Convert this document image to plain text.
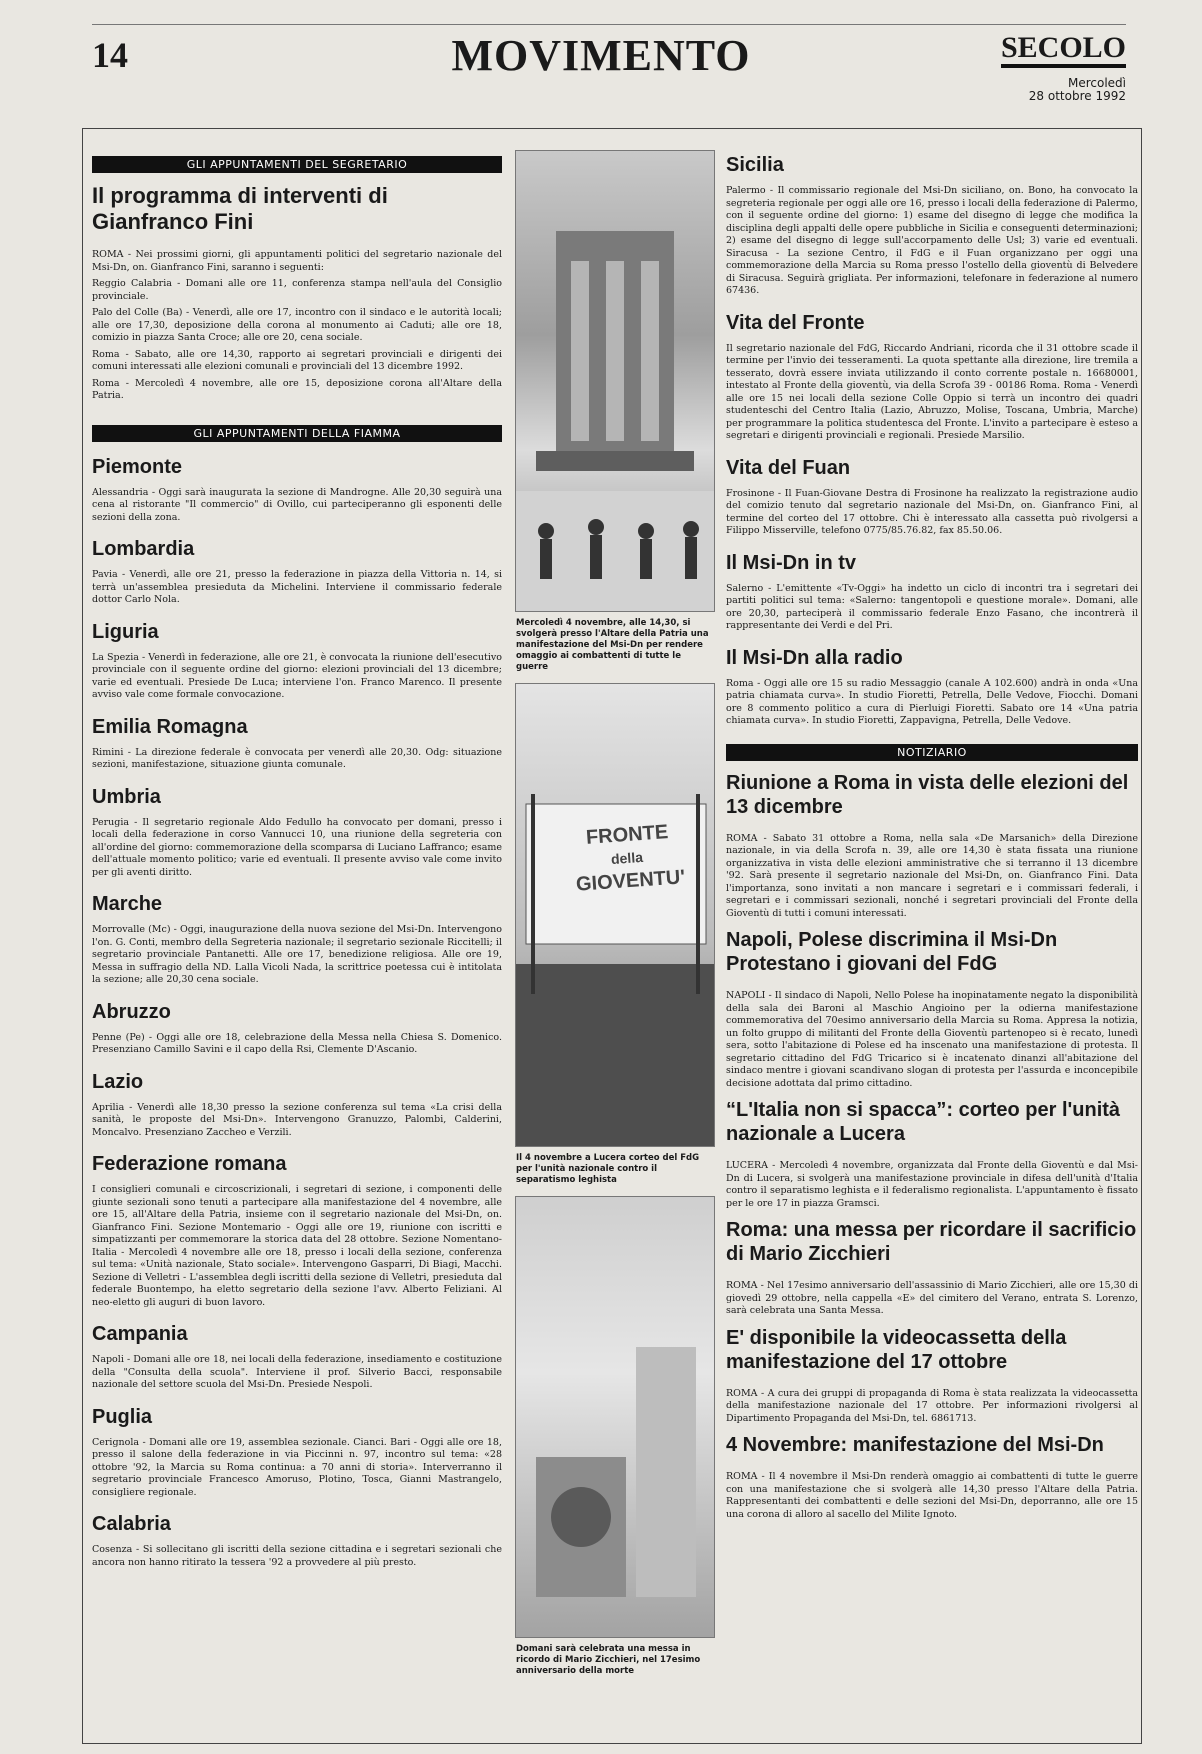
14	MOVIMENTO	SECOLO
Mercoledì
28 ottobre 1992
GLI APPUNTAMENTI DEL SEGRETARIO
Il programma di interventi di Gianfranco Fini

ROMA - Nei prossimi giorni, gli appuntamenti politici del segretario nazionale del Msi-Dn, on. Gianfranco Fini, saranno i seguenti:

Reggio Calabria - Domani alle ore 11, conferenza stampa nell'aula del Consiglio provinciale.

Palo del Colle (Ba) - Venerdì, alle ore 17, incontro con il sindaco e le autorità locali; alle ore 17,30, deposizione della corona al monumento ai Caduti; alle ore 18, comizio in piazza Santa Croce; alle ore 20, cena sociale.

Roma - Sabato, alle ore 14,30, rapporto ai segretari provinciali e dirigenti dei comuni interessati alle elezioni comunali e provinciali del 13 dicembre 1992.

Roma - Mercoledì 4 novembre, alle ore 15, deposizione corona all'Altare della Patria.

GLI APPUNTAMENTI DELLA FIAMMA
Piemonte

Alessandria - Oggi sarà inaugurata la sezione di Mandrogne. Alle 20,30 seguirà una cena al ristorante "Il commercio" di Ovillo, cui parteciperanno gli esponenti delle sezioni della zona.

Lombardia

Pavia - Venerdì, alle ore 21, presso la federazione in piazza della Vittoria n. 14, si terrà un'assemblea presieduta da Michelini. Interviene il commissario federale dottor Carlo Nola.

Liguria

La Spezia - Venerdì in federazione, alle ore 21, è convocata la riunione dell'esecutivo provinciale con il seguente ordine del giorno: elezioni provinciali del 13 dicembre; varie ed eventuali. Presiede De Luca; interviene l'on. Franco Marenco. Il presente avviso vale come formale convocazione.

Emilia Romagna

Rimini - La direzione federale è convocata per venerdì alle 20,30. Odg: situazione sezioni, manifestazione, situazione giunta comunale.

Umbria

Perugia - Il segretario regionale Aldo Fedullo ha convocato per domani, presso i locali della federazione in corso Vannucci 10, una riunione della segreteria con all'ordine del giorno: commemorazione della scomparsa di Luciano Laffranco; esame dell'attuale momento politico; varie ed eventuali. Il presente avviso vale come invito per gli aventi diritto.

Marche

Morrovalle (Mc) - Oggi, inaugurazione della nuova sezione del Msi-Dn. Intervengono l'on. G. Conti, membro della Segreteria nazionale; il segretario sezionale Riccitelli; il segretario provinciale Pantanetti. Alle ore 17, benedizione religiosa. Alle ore 19, Messa in suffragio della ND. Lalla Vicoli Nada, la scrittrice poetessa cui è intitolata la sezione; alle 20,30 cena sociale.

Abruzzo

Penne (Pe) - Oggi alle ore 18, celebrazione della Messa nella Chiesa S. Domenico. Presenziano Camillo Savini e il capo della Rsi, Clemente D'Ascanio.

Lazio

Aprilia - Venerdì alle 18,30 presso la sezione conferenza sul tema «La crisi della sanità, le proposte del Msi-Dn». Intervengono Granuzzo, Palombi, Calderini, Moncalvo. Presenziano Zaccheo e Verzili.

Federazione romana

I consiglieri comunali e circoscrizionali, i segretari di sezione, i componenti delle giunte sezionali sono tenuti a partecipare alla manifestazione del 4 novembre, alle ore 15, all'Altare della Patria, insieme con il segretario nazionale del Msi-Dn, on. Gianfranco Fini. Sezione Montemario - Oggi alle ore 19, riunione con iscritti e simpatizzanti per commemorare la storica data del 28 ottobre. Sezione Nomentano-Italia - Mercoledì 4 novembre alle ore 18, presso i locali della sezione, conferenza sul tema: «Unità nazionale, Stato sociale». Intervengono Gasparri, Di Biagi, Macchi. Sezione di Velletri - L'assemblea degli iscritti della sezione di Velletri, presieduta dal federale Buontempo, ha eletto segretario della sezione l'avv. Alberto Feliziani. Al neo-eletto gli auguri di buon lavoro.

Campania

Napoli - Domani alle ore 18, nei locali della federazione, insediamento e costituzione della "Consulta della scuola". Interviene il prof. Silverio Bacci, responsabile nazionale del settore scuola del Msi-Dn. Presiede Nespoli.

Puglia

Cerignola - Domani alle ore 19, assemblea sezionale. Cianci. Bari - Oggi alle ore 18, presso il salone della federazione in via Piccinni n. 97, incontro sul tema: «28 ottobre '92, la Marcia su Roma continua: a 70 anni di storia». Interverranno il segretario provinciale Francesco Amoruso, Plotino, Tosca, Gianni Mastrangelo, consigliere regionale.

Calabria

Cosenza - Si sollecitano gli iscritti della sezione cittadina e i segretari sezionali che ancora non hanno ritirato la tessera '92 a provvedere al più presto.

Mercoledì 4 novembre, alle 14,30, si svolgerà presso l'Altare della Patria una manifestazione del Msi-Dn per rendere omaggio ai combattenti di tutte le guerre
FRONTE
della
GIOVENTU'
Il 4 novembre a Lucera corteo del FdG per l'unità nazionale contro il separatismo leghista
Domani sarà celebrata una messa in ricordo di Mario Zicchieri, nel 17esimo anniversario della morte
Sicilia

Palermo - Il commissario regionale del Msi-Dn siciliano, on. Bono, ha convocato la segreteria regionale per oggi alle ore 16, presso i locali della federazione di Palermo, con il seguente ordine del giorno: 1) esame del disegno di legge che modifica la disciplina degli appalti delle opere pubbliche in Sicilia e conseguenti determinazioni; 2) esame del disegno di legge sull'accorpamento delle Usl; 3) varie ed eventuali. Siracusa - La sezione Centro, il FdG e il Fuan organizzano per oggi una commemorazione della Marcia su Roma presso l'ostello della gioventù di Belvedere di Siracusa. Seguirà grigliata. Per informazioni, telefonare in federazione al numero 67436.

Vita del Fronte

Il segretario nazionale del FdG, Riccardo Andriani, ricorda che il 31 ottobre scade il termine per l'invio dei tesseramenti. La quota spettante alla direzione, lire tremila a tesserato, dovrà essere inviata utilizzando il conto corrente postale n. 16680001, intestato al Fronte della gioventù, via della Scrofa 39 - 00186 Roma. Roma - Venerdì alle ore 15 nei locali della sezione Colle Oppio si terrà un incontro dei quadri studenteschi del Centro Italia (Lazio, Abruzzo, Molise, Toscana, Umbria, Marche) per programmare la politica studentesca del Fronte. L'invito a partecipare è esteso a segretari e dirigenti provinciali e regionali. Presiede Marsilio.

Vita del Fuan

Frosinone - Il Fuan-Giovane Destra di Frosinone ha realizzato la registrazione audio del comizio tenuto dal segretario nazionale del Msi-Dn, on. Gianfranco Fini, al termine del corteo del 17 ottobre. Chi è interessato alla cassetta può rivolgersi a Filippo Misserville, telefono 0775/85.76.82, fax 85.50.06.

Il Msi-Dn in tv

Salerno - L'emittente «Tv-Oggi» ha indetto un ciclo di incontri tra i segretari dei partiti politici sul tema: «Salerno: tangentopoli e questione morale». Domani, alle ore 20,30, parteciperà il commissario federale Enzo Fasano, che incontrerà il rappresentante dei Verdi e del Pri.

Il Msi-Dn alla radio

Roma - Oggi alle ore 15 su radio Messaggio (canale A 102.600) andrà in onda «Una patria chiamata curva». In studio Fioretti, Petrella, Delle Vedove, Fiocchi. Domani ore 8 commento politico a cura di Pierluigi Fioretti. Sabato ore 14 «Una patria chiamata curva». In studio Fioretti, Zappavigna, Petrella, Delle Vedove.

NOTIZIARIO
Riunione a Roma in vista delle elezioni del 13 dicembre

ROMA - Sabato 31 ottobre a Roma, nella sala «De Marsanich» della Direzione nazionale, in via della Scrofa n. 39, alle ore 14,30 è stata fissata una riunione organizzativa in vista delle elezioni amministrative che si terranno il 13 dicembre '92. Sarà presente il segretario nazionale del Msi-Dn, on. Gianfranco Fini. Data l'importanza, sono invitati a non mancare i segretari e i commissari federali, i segretari e i commissari sezionali, nonché i segretari provinciali del Fronte della Gioventù di tutti i comuni interessati.

Napoli, Polese discrimina il Msi-Dn Protestano i giovani del FdG

NAPOLI - Il sindaco di Napoli, Nello Polese ha inopinatamente negato la disponibilità della sala dei Baroni al Maschio Angioino per la odierna manifestazione commemorativa del 70esimo anniversario della Marcia su Roma. Appresa la notizia, un folto gruppo di militanti del Fronte della Gioventù partenopeo si è recato, lunedì sera, sotto l'abitazione di Polese ed ha inscenato una manifestazione di protesta. Il segretario cittadino del FdG Tricarico si è incatenato dinanzi all'abitazione del sindaco mentre i giovani scandivano slogan di protesta per l'assurda e inconcepibile decisione adottata dal primo cittadino.

“L'Italia non si spacca”: corteo per l'unità nazionale a Lucera

LUCERA - Mercoledì 4 novembre, organizzata dal Fronte della Gioventù e dal Msi-Dn di Lucera, si svolgerà una manifestazione provinciale in difesa dell'unità d'Italia contro il separatismo leghista e il federalismo regionalista. L'appuntamento è fissato per le ore 17 in piazza Gramsci.

Roma: una messa per ricordare il sacrificio di Mario Zicchieri

ROMA - Nel 17esimo anniversario dell'assassinio di Mario Zicchieri, alle ore 15,30 di giovedì 29 ottobre, nella cappella «E» del cimitero del Verano, entrata S. Lorenzo, sarà celebrata una Santa Messa.

E' disponibile la videocassetta della manifestazione del 17 ottobre

ROMA - A cura dei gruppi di propaganda di Roma è stata realizzata la videocassetta della manifestazione nazionale del 17 ottobre. Per informazioni rivolgersi al Dipartimento Propaganda del Msi-Dn, tel. 6861713.

4 Novembre: manifestazione del Msi-Dn

ROMA - Il 4 novembre il Msi-Dn renderà omaggio ai combattenti di tutte le guerre con una manifestazione che si svolgerà alle 14,30 presso l'Altare della Patria. Rappresentanti dei combattenti e delle sezioni del Msi-Dn, deporranno, alle ore 15 una corona di alloro al sacello del Milite Ignoto.
